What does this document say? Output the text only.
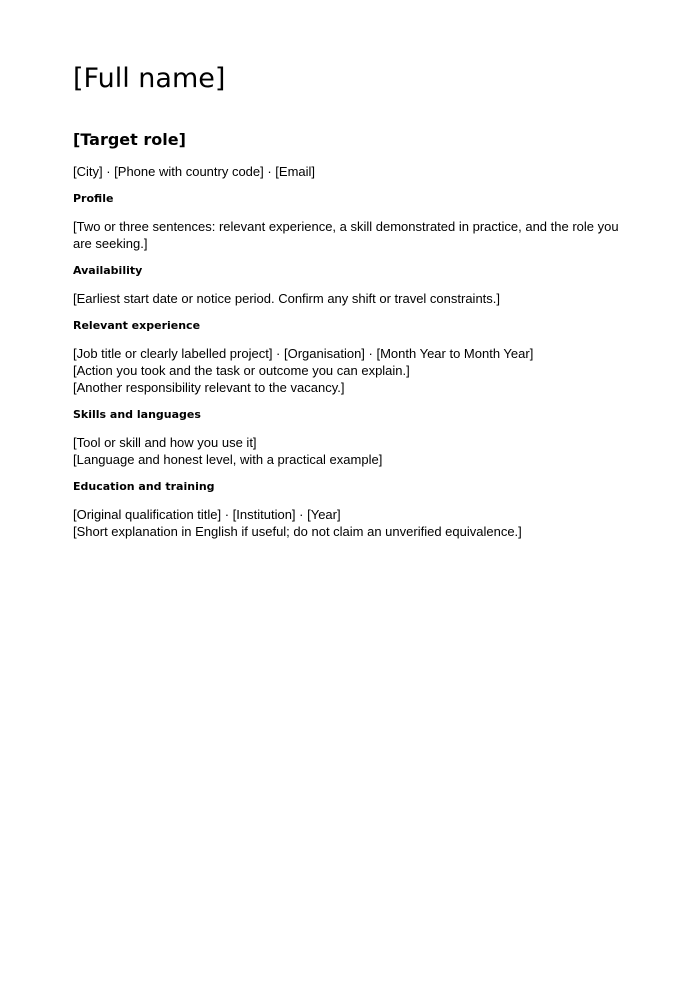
[Full name]
[Target role]

[City] · [Phone with country code] · [Email]

Profile
[Two or three sentences: relevant experience, a skill demonstrated in practice, and the role you are seeking.]
Availability
[Earliest start date or notice period. Confirm any shift or travel constraints.]
Relevant experience
[Job title or clearly labelled project] · [Organisation] · [Month Year to Month Year]
[Action you took and the task or outcome you can explain.]
[Another responsibility relevant to the vacancy.]
Skills and languages
[Tool or skill and how you use it]
[Language and honest level, with a practical example]
Education and training
[Original qualification title] · [Institution] · [Year]
[Short explanation in English if useful; do not claim an unverified equivalence.]
